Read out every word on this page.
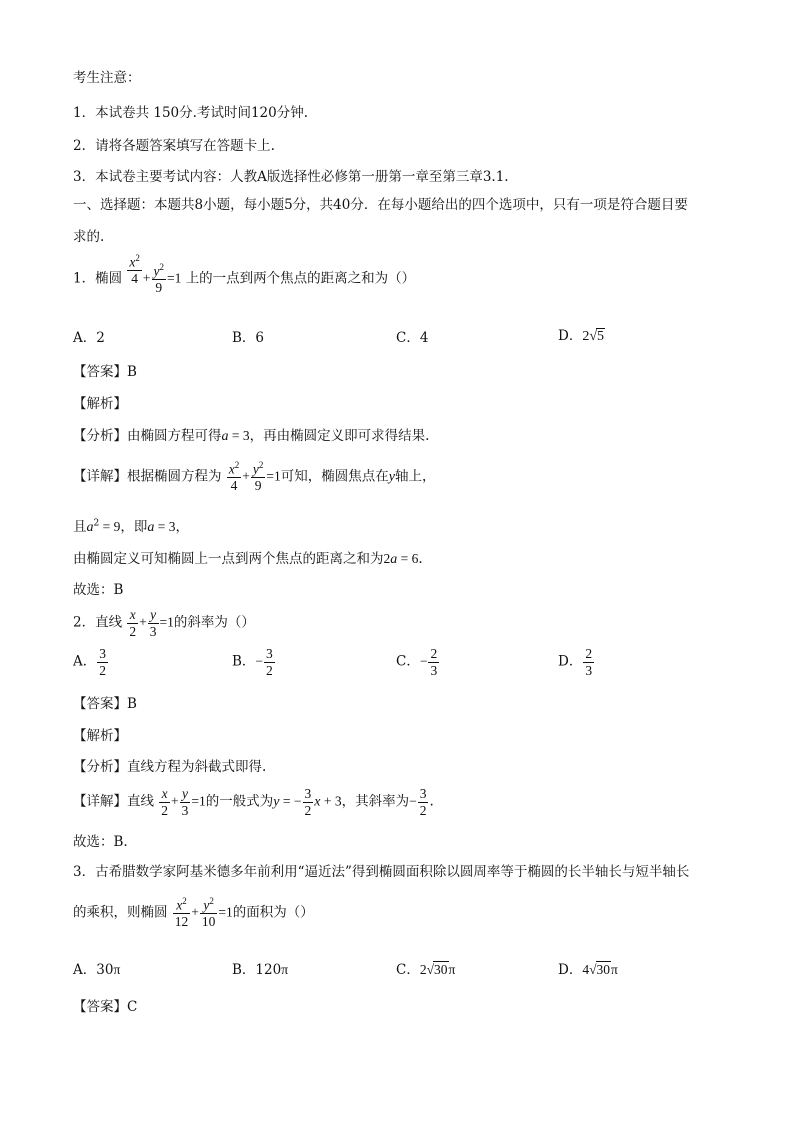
考生注意：
1．本试卷共 150分.考试时间120分钟.
2．请将各题答案填写在答题卡上.
3．本试卷主要考试内容：人教A版选择性必修第一册第一章至第三章3.1.
一、选择题：本题共8小题，每小题5分，共40分．在每小题给出的四个选项中，只有一项是符合题目要
求的.
1．椭圆 $\frac{x^2}{4} + \frac{y^2}{9} =1$ 上的一点到两个焦点的距离之和为（）
A．2	B．6	C．4	D．2√5
【答案】B
【解析】
【分析】由椭圆方程可得a = 3，再由椭圆定义即可求得结果.
【详解】根据椭圆方程为 $\frac{x^2}{4} + \frac{y^2}{9} =1$可知，椭圆焦点在y轴上，
且$a^2 = 9$，即a = 3，
由椭圆定义可知椭圆上一点到两个焦点的距离之和为2a = 6.
故选：B
2．直线 $\frac{x}{2} + \frac{y}{3} =1$的斜率为（）
A． $\frac{3}{2}$	B．− $\frac{3}{2}$	C．− $\frac{2}{3}$	D． $\frac{2}{3}$
【答案】B
【解析】
【分析】直线方程为斜截式即得.
【详解】直线 $\frac{x}{2} + \frac{y}{3} =1$的一般式为y = − $\frac{3}{2}$ x + 3，其斜率为− $\frac{3}{2}$ .
故选：B.
3．古希腊数学家阿基米德多年前利用“逼近法”得到椭圆面积除以圆周率等于椭圆的长半轴长与短半轴长
的乘积，则椭圆 $\frac{x^2}{12} + \frac{y^2}{10} =1$的面积为（）
A．30π	B．120π	C．2√30π	D．4√30π
【答案】C
